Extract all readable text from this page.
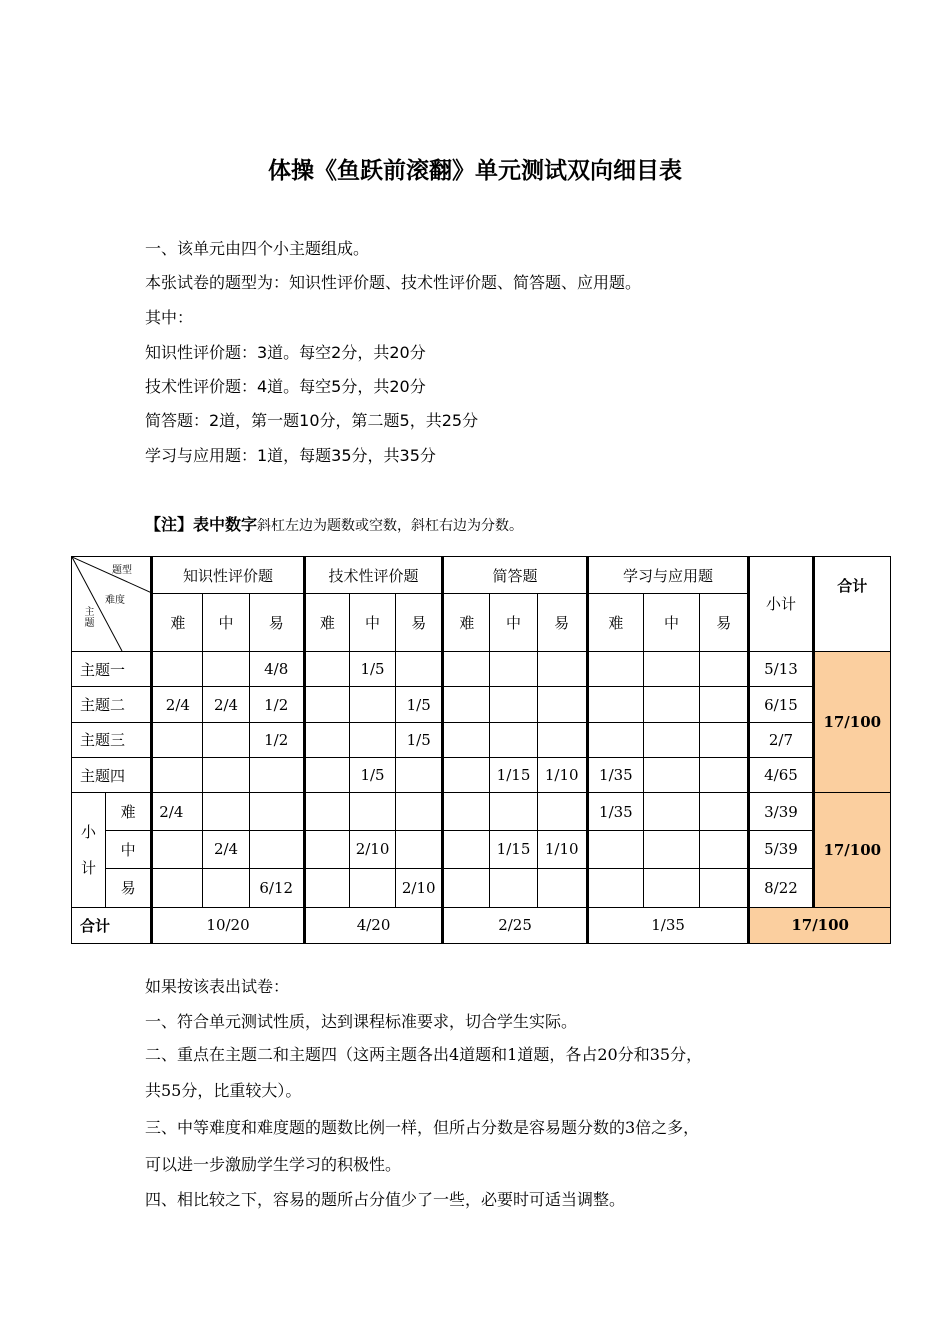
体操《鱼跃前滚翻》单元测试双向细目表
一、该单元由四个小主题组成。
本张试卷的题型为：知识性评价题、技术性评价题、简答题、应用题。
其中：
知识性评价题：3道。每空2分，共20分
技术性评价题：4道。每空5分，共20分
简答题：2道，第一题10分，第二题5，共25分
学习与应用题：1道，每题35分，共35分
【注】表中数字斜杠左边为题数或空数，斜杠右边为分数。
题型
难度
主题		知识性评价题			技术性评价题			简答题			学习与应用题			小计	合计
		难	中	易	难	中	易	难	中	易	难	中	易		
主题一				4/8		1/5								5/13	17/100
主题二		2/4	2/4	1/2			1/5							6/15	
主题三				1/2			1/5							2/7	
主题四						1/5			1/15	1/10	1/35			4/65	
小
计	难	2/4									1/35			3/39	17/100
	中		2/4			2/10			1/15	1/10				5/39	
	易			6/12			2/10							8/22	
合计		10/20			4/20			2/25			1/35			17/100	
如果按该表出试卷：
一、符合单元测试性质，达到课程标准要求，切合学生实际。
二、重点在主题二和主题四（这两主题各出4道题和1道题，各占20分和35分，
共55分，比重较大）。
三、中等难度和难度题的题数比例一样，但所占分数是容易题分数的3倍之多，
可以进一步激励学生学习的积极性。
四、相比较之下，容易的题所占分值少了一些，必要时可适当调整。
